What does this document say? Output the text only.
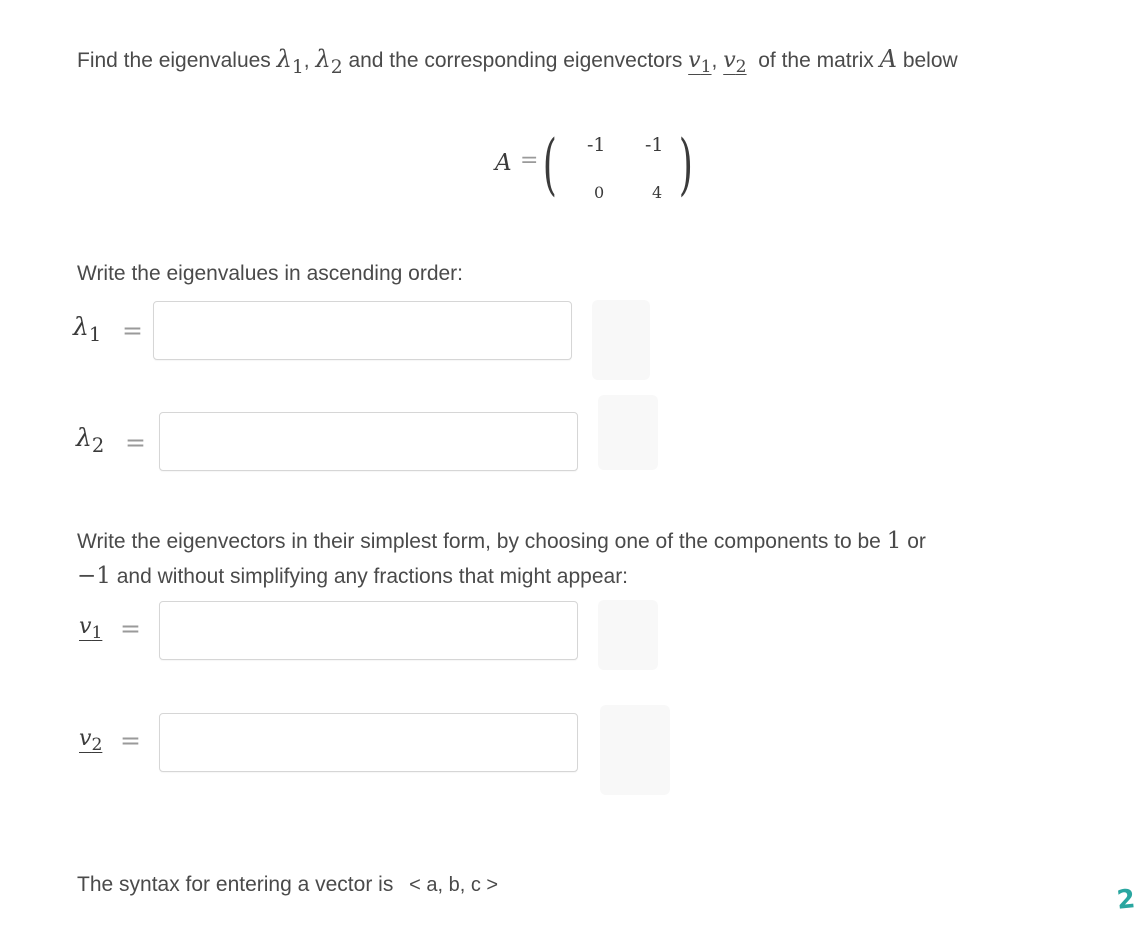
Find the eigenvalues $\lambda_1$, $\lambda_2$ and the corresponding eigenvectors $v_1$, $v_2$ of the matrix A below
A = ( -1 -1
0	4 )
Write the eigenvalues in ascending order:
$\lambda_1$ =
$\lambda_2$ =
Write the eigenvectors in their simplest form, by choosing one of the components to be 1 or
−1 and without simplifying any fractions that might appear:
$v_1$ =
$v_2$ =
The syntax for entering a vector is < a, b, c >	2
